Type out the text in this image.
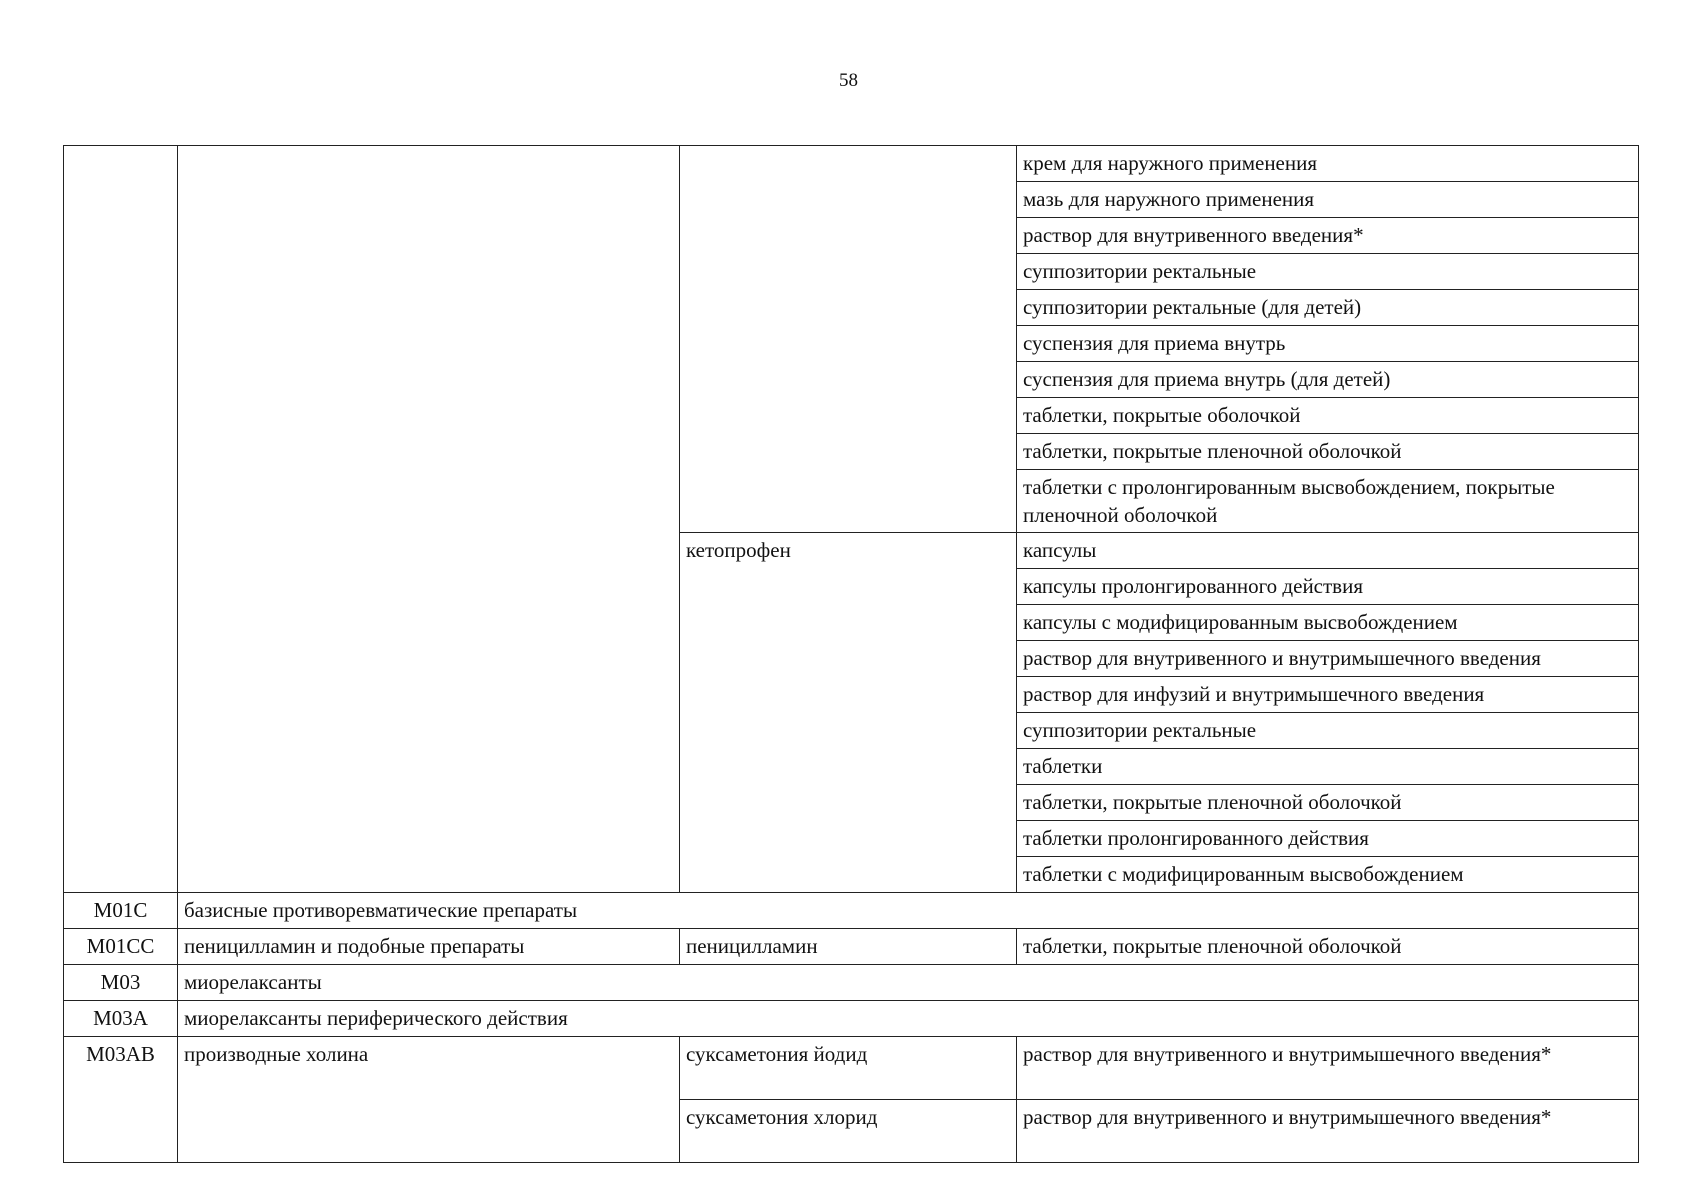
58
			крем для наружного применения
			мазь для наружного применения
			раствор для внутривенного введения*
			суппозитории ректальные
			суппозитории ректальные (для детей)
			суспензия для приема внутрь
			суспензия для приема внутрь (для детей)
			таблетки, покрытые оболочкой
			таблетки, покрытые пленочной оболочкой
			таблетки с пролонгированным высвобождением, покрытые пленочной оболочкой
		кетопрофен	капсулы
			капсулы пролонгированного действия
			капсулы с модифицированным высвобождением
			раствор для внутривенного и внутримышечного введения
			раствор для инфузий и внутримышечного введения
			суппозитории ректальные
			таблетки
			таблетки, покрытые пленочной оболочкой
			таблетки пролонгированного действия
			таблетки с модифицированным высвобождением
M01C	базисные противоревматические препараты		
M01CC	пеницилламин и подобные препараты	пеницилламин	таблетки, покрытые пленочной оболочкой
M03	миорелаксанты		
M03A	миорелаксанты периферического действия		
M03AB	производные холина	суксаметония йодид	раствор для внутривенного и внутримышечного введения*
		суксаметония хлорид	раствор для внутривенного и внутримышечного введения*
